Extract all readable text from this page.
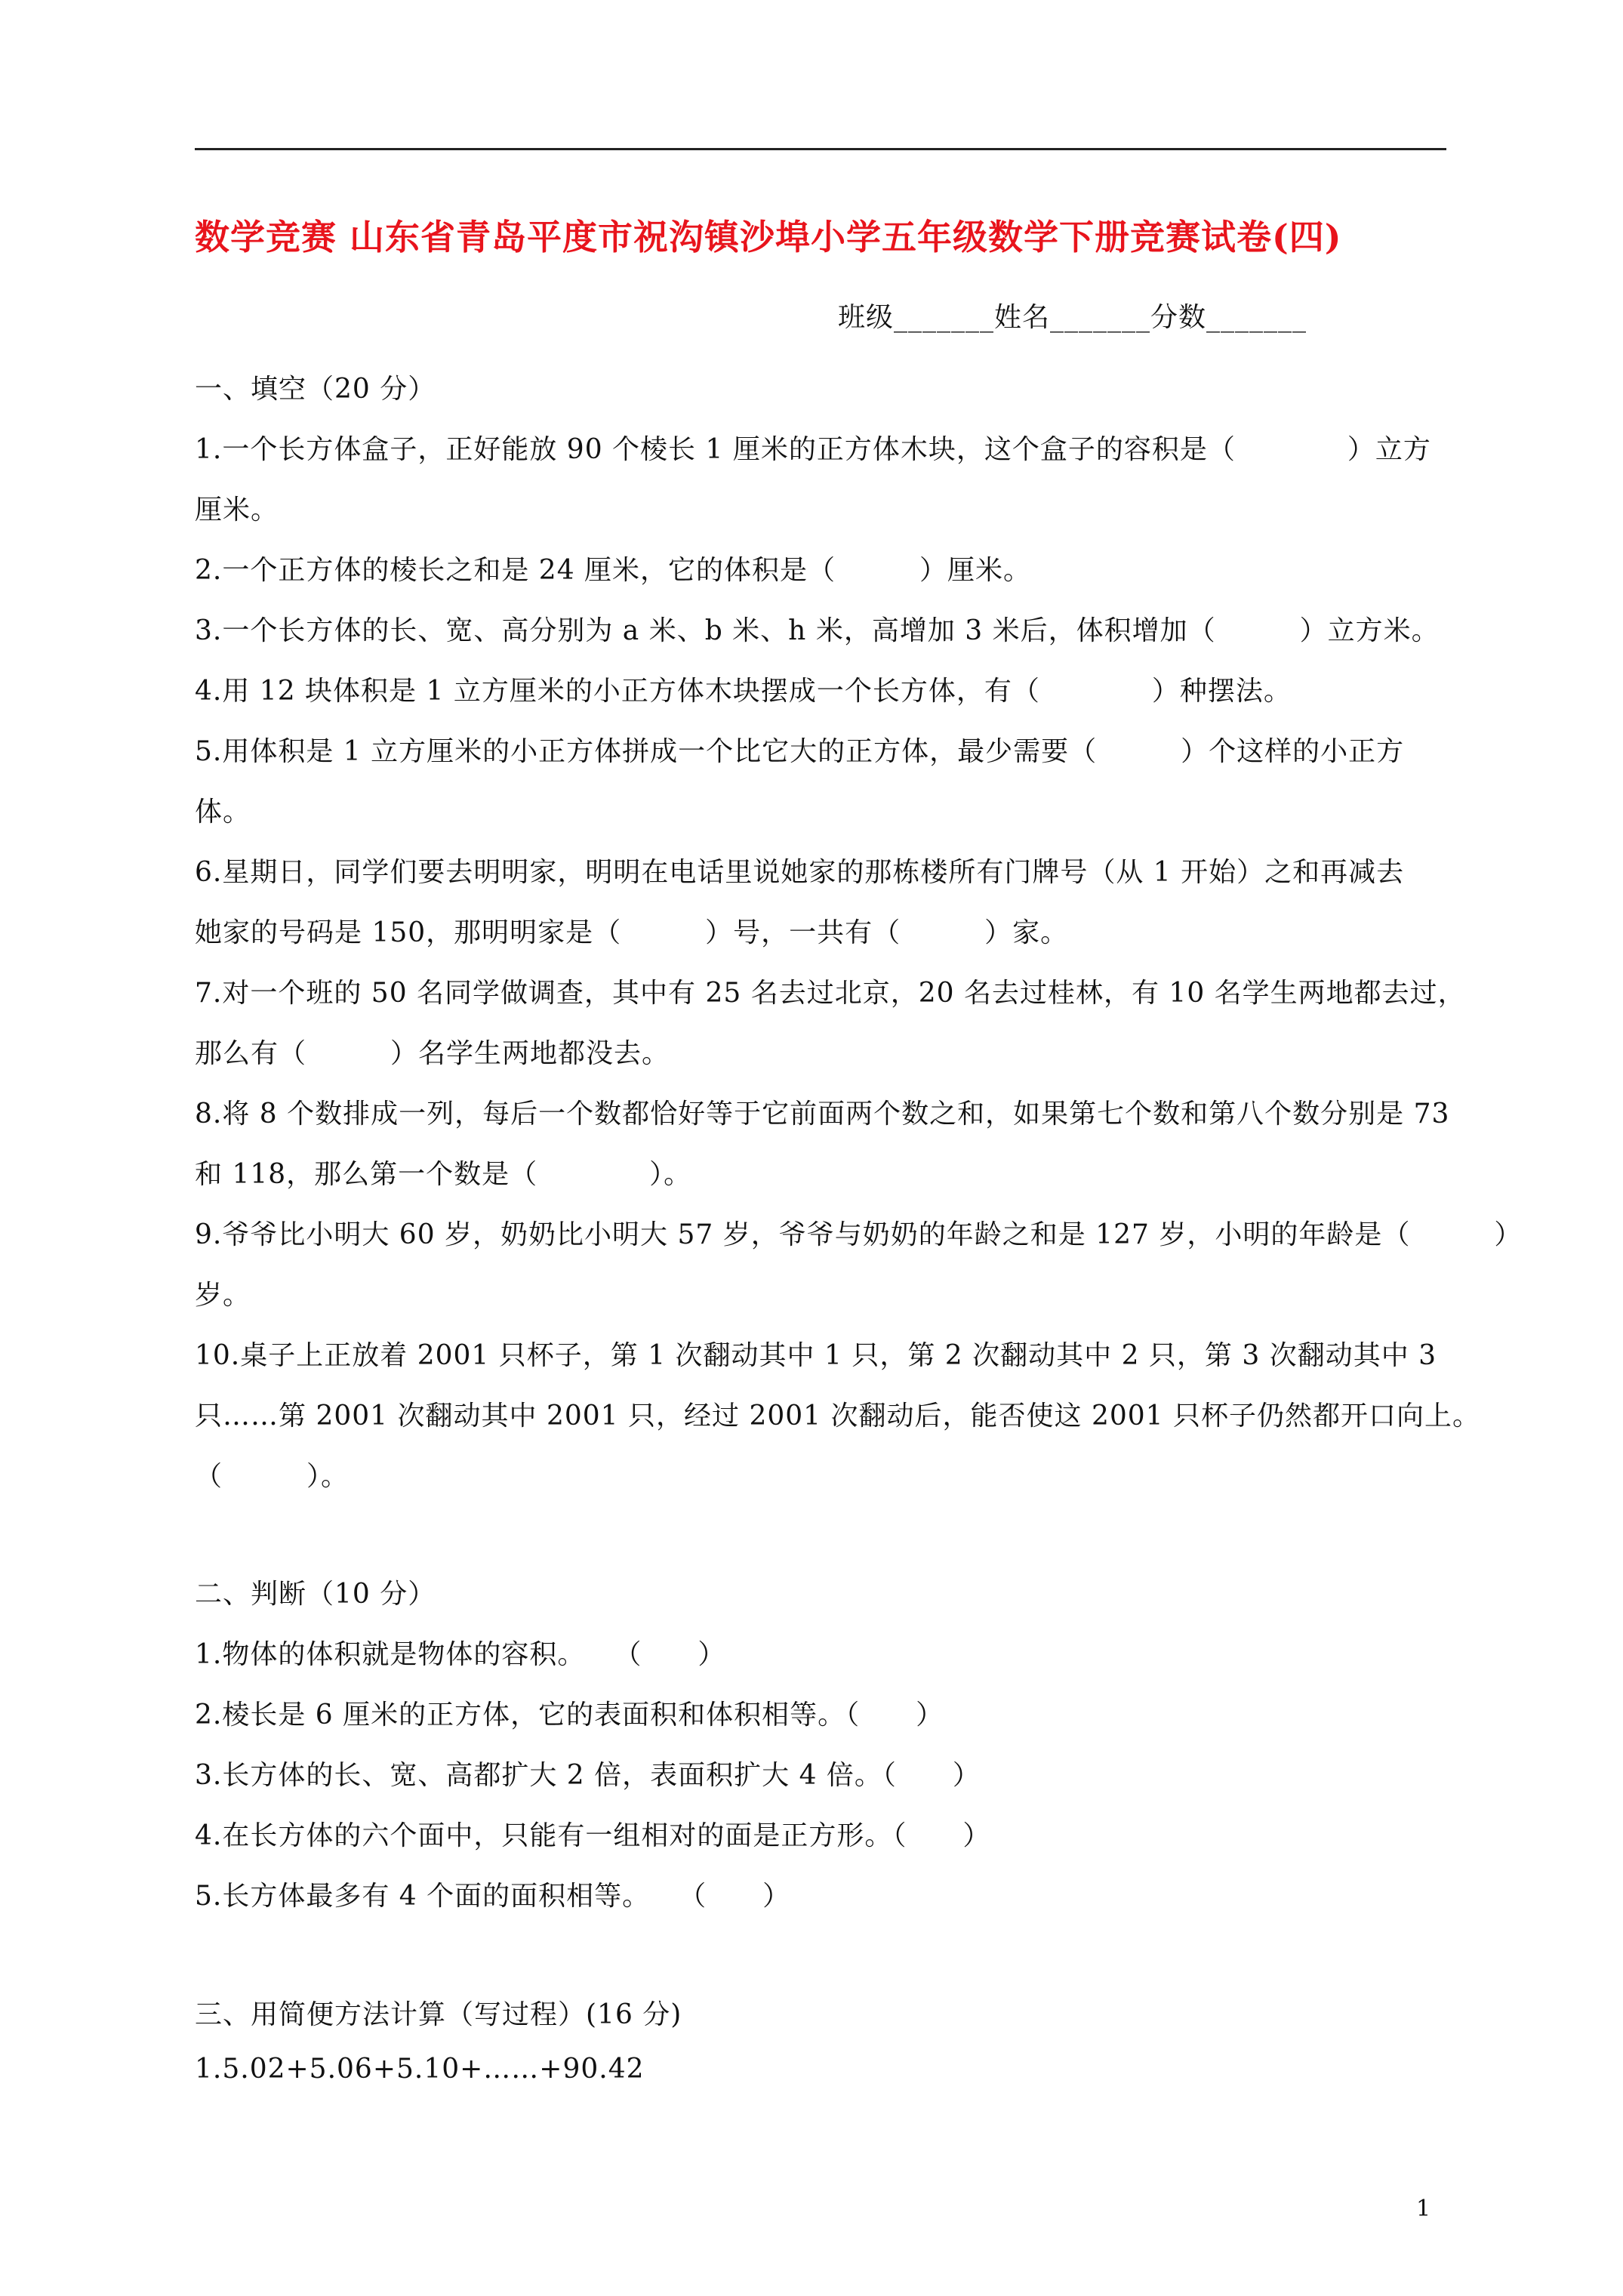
数学竞赛 山东省青岛平度市祝沟镇沙埠小学五年级数学下册竞赛试卷(四)
班级_______姓名_______分数_______
一、填空（20 分）
1.一个长方体盒子，正好能放 90 个棱长 1 厘米的正方体木块，这个盒子的容积是（　　　　）立方
厘米。
2.一个正方体的棱长之和是 24 厘米，它的体积是（　　　）厘米。
3.一个长方体的长、宽、高分别为 a 米、b 米、h 米，高增加 3 米后，体积增加（　　　）立方米。
4.用 12 块体积是 1 立方厘米的小正方体木块摆成一个长方体，有（　　　　）种摆法。
5.用体积是 1 立方厘米的小正方体拼成一个比它大的正方体，最少需要（　　　）个这样的小正方
体。
6.星期日，同学们要去明明家，明明在电话里说她家的那栋楼所有门牌号（从 1 开始）之和再减去
她家的号码是 150，那明明家是（　　　）号，一共有（　　　）家。
7.对一个班的 50 名同学做调查，其中有 25 名去过北京，20 名去过桂林，有 10 名学生两地都去过，
那么有（　　　）名学生两地都没去。
8.将 8 个数排成一列，每后一个数都恰好等于它前面两个数之和，如果第七个数和第八个数分别是 73
和 118，那么第一个数是（　　　　）。
9.爷爷比小明大 60 岁，奶奶比小明大 57 岁，爷爷与奶奶的年龄之和是 127 岁，小明的年龄是（　　　）
岁。
10.桌子上正放着 2001 只杯子，第 1 次翻动其中 1 只，第 2 次翻动其中 2 只，第 3 次翻动其中 3
只……第 2001 次翻动其中 2001 只，经过 2001 次翻动后，能否使这 2001 只杯子仍然都开口向上。
（　　　）。
二、判断（10 分）
1.物体的体积就是物体的容积。　　（　　）
2.棱长是 6 厘米的正方体，它的表面积和体积相等。（　　）
3.长方体的长、宽、高都扩大 2 倍，表面积扩大 4 倍。（　　）
4.在长方体的六个面中，只能有一组相对的面是正方形。（　　）
5.长方体最多有 4 个面的面积相等。　　（　　）
三、用简便方法计算（写过程）(16 分)
1.5.02+5.06+5.10+……+90.42
1
